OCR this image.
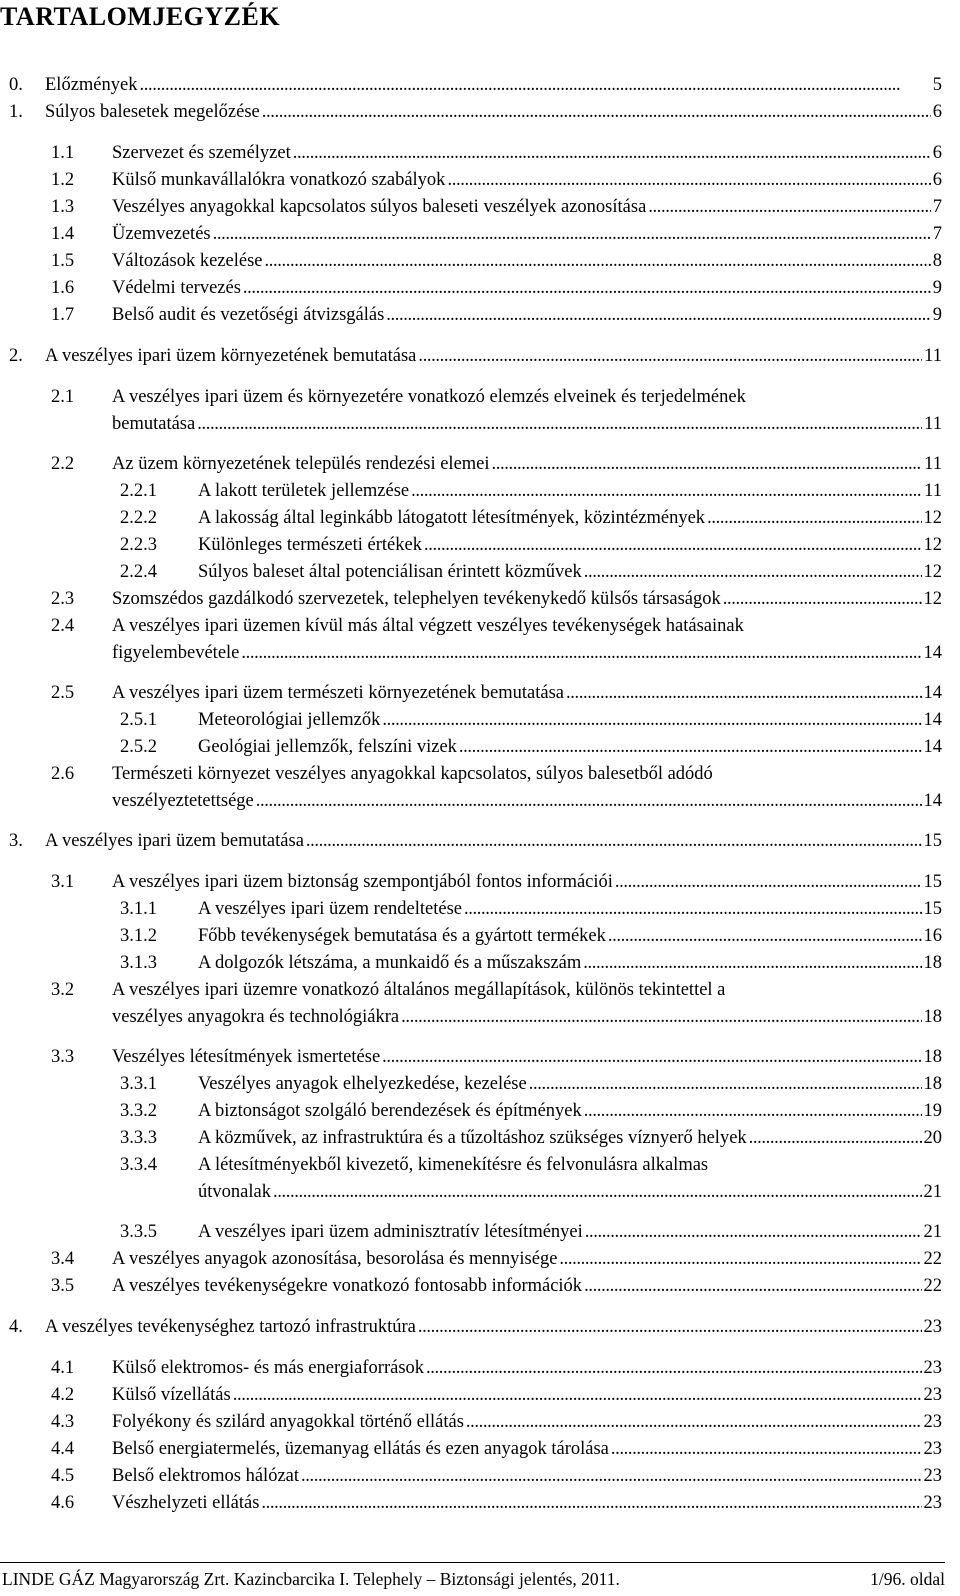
TARTALOMJEGYZÉK
0.	Előzmények . . .	5
1.	Súlyos balesetek megelőzése . . .	6
1.1	Szervezet és személyzet . . .	6
1.2	Külső munkavállalókra vonatkozó szabályok . . .	6
1.3	Veszélyes anyagokkal kapcsolatos súlyos baleseti veszélyek azonosítása . . .	7
1.4	Üzemvezetés . . .	7
1.5	Változások kezelése . . .	8
1.6	Védelmi tervezés . . .	9
1.7	Belső audit és vezetőségi átvizsgálás . . .	9
2.	A veszélyes ipari üzem környezetének bemutatása . . .	11
2.1	A veszélyes ipari üzem és környezetére vonatkozó elemzés elveinek és terjedelmének
bemutatása . . .	11
2.2	Az üzem környezetének település rendezési elemei . . .	11
2.2.1	A lakott területek jellemzése . . .	11
2.2.2	A lakosság által leginkább látogatott létesítmények, közintézmények . . .	12
2.2.3	Különleges természeti értékek . . .	12
2.2.4	Súlyos baleset által potenciálisan érintett közművek . . .	12
2.3	Szomszédos gazdálkodó szervezetek, telephelyen tevékenykedő külsős társaságok . . .	12
2.4	A veszélyes ipari üzemen kívül más által végzett veszélyes tevékenységek hatásainak
figyelembevétele . . .	14
2.5	A veszélyes ipari üzem természeti környezetének bemutatása . . .	14
2.5.1	Meteorológiai jellemzők . . .	14
2.5.2	Geológiai jellemzők, felszíni vizek . . .	14
2.6	Természeti környezet veszélyes anyagokkal kapcsolatos, súlyos balesetből adódó
veszélyeztetettsége . . .	14
3.	A veszélyes ipari üzem bemutatása . . .	15
3.1	A veszélyes ipari üzem biztonság szempontjából fontos információi . . .	15
3.1.1	A veszélyes ipari üzem rendeltetése . . .	15
3.1.2	Főbb tevékenységek bemutatása és a gyártott termékek . . .	16
3.1.3	A dolgozók létszáma, a munkaidő és a műszakszám . . .	18
3.2	A veszélyes ipari üzemre vonatkozó általános megállapítások, különös tekintettel a
veszélyes anyagokra és technológiákra . . .	18
3.3	Veszélyes létesítmények ismertetése . . .	18
3.3.1	Veszélyes anyagok elhelyezkedése, kezelése . . .	18
3.3.2	A biztonságot szolgáló berendezések és építmények . . .	19
3.3.3	A közművek, az infrastruktúra és a tűzoltáshoz szükséges víznyerő helyek . . .	20
3.3.4	A létesítményekből kivezető, kimenekítésre és felvonulásra alkalmas
útvonalak . . .	21
3.3.5	A veszélyes ipari üzem adminisztratív létesítményei . . .	21
3.4	A veszélyes anyagok azonosítása, besorolása és mennyisége . . .	22
3.5	A veszélyes tevékenységekre vonatkozó fontosabb információk . . .	22
4.	A veszélyes tevékenységhez tartozó infrastruktúra . . .	23
4.1	Külső elektromos- és más energiaforrások . . .	23
4.2	Külső vízellátás . . .	23
4.3	Folyékony és szilárd anyagokkal történő ellátás . . .	23
4.4	Belső energiatermelés, üzemanyag ellátás és ezen anyagok tárolása . . .	23
4.5	Belső elektromos hálózat . . .	23
4.6	Vészhelyzeti ellátás . . .	23
LINDE GÁZ Magyarország Zrt. Kazincbarcika I. Telephely – Biztonsági jelentés, 2011.	1/96. oldal
